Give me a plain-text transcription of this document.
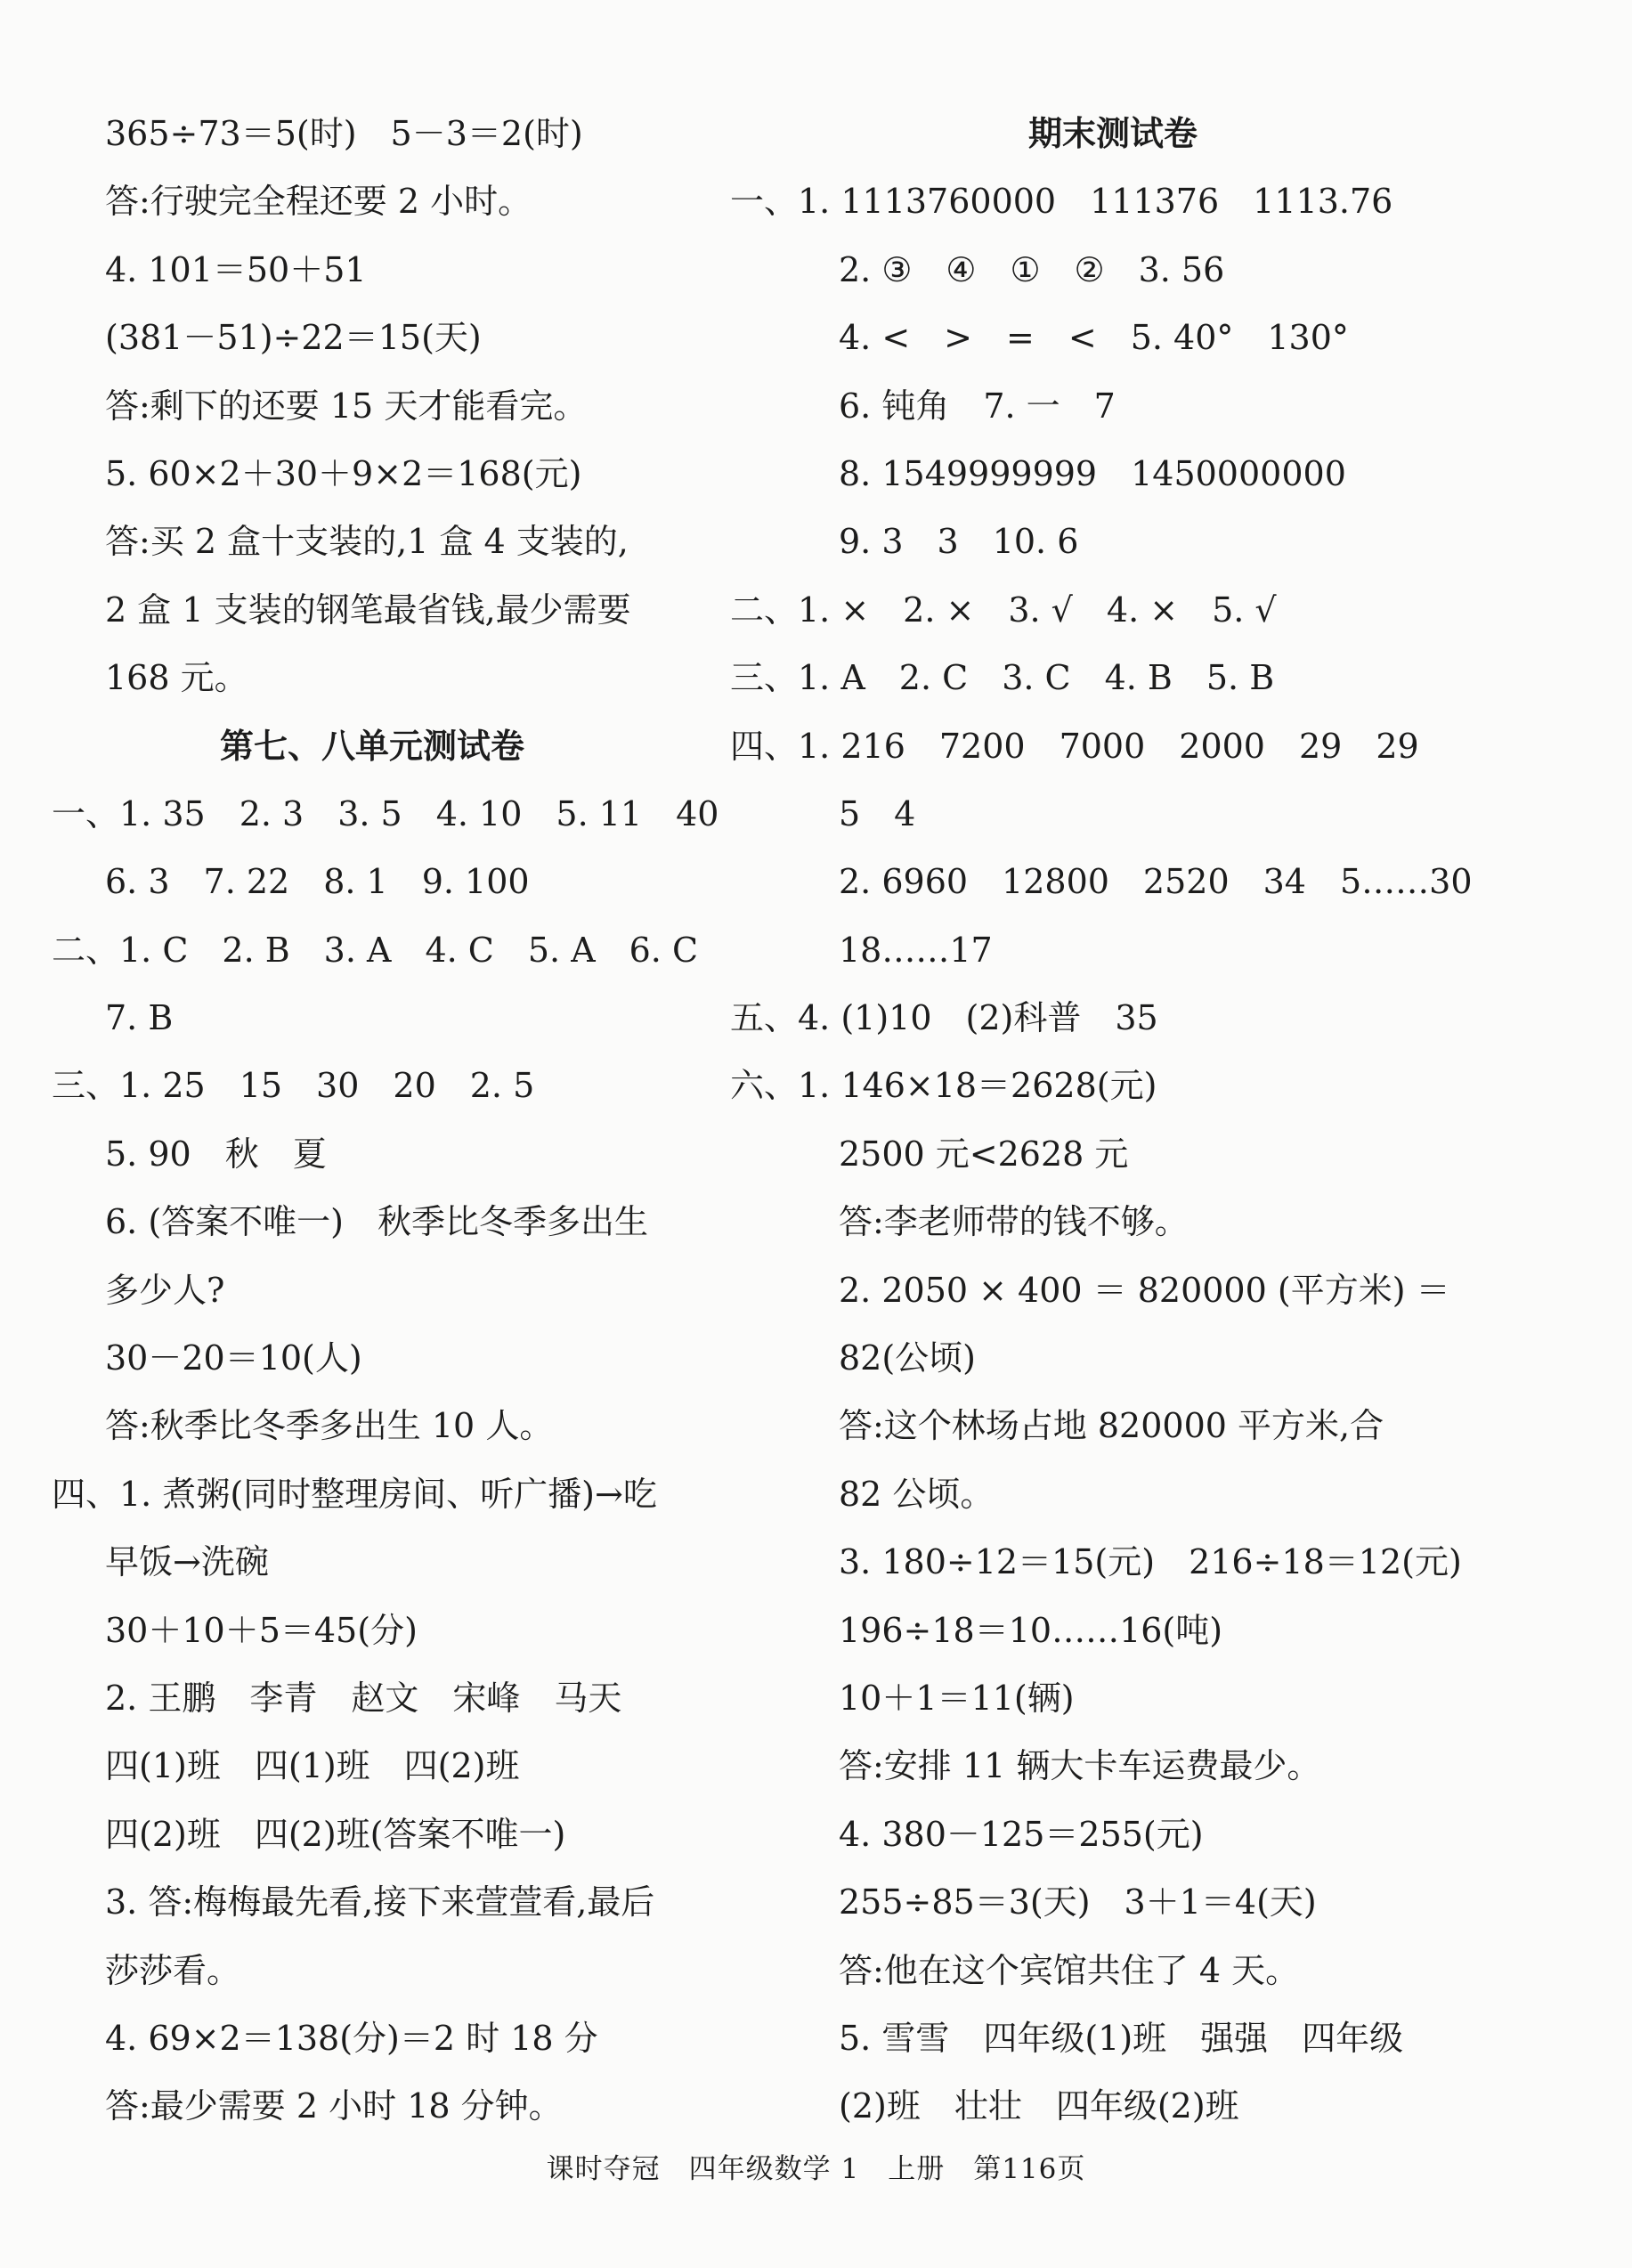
365÷73＝5(时)　5－3＝2(时)
答:行驶完全程还要 2 小时。
4. 101＝50＋51
(381－51)÷22＝15(天)
答:剩下的还要 15 天才能看完。
5. 60×2＋30＋9×2＝168(元)
答:买 2 盒十支装的,1 盒 4 支装的,
2 盒 1 支装的钢笔最省钱,最少需要
168 元。
第七、八单元测试卷
一、1. 35　2. 3　3. 5　4. 10　5. 11　40
6. 3　7. 22　8. 1　9. 100
二、1. C　2. B　3. A　4. C　5. A　6. C
7. B
三、1. 25　15　30　20　2. 5
5. 90　秋　夏
6. (答案不唯一)　秋季比冬季多出生
多少人?
30－20＝10(人)
答:秋季比冬季多出生 10 人。
四、1. 煮粥(同时整理房间、听广播)→吃
早饭→洗碗
30＋10＋5＝45(分)
2. 王鹏　李青　赵文　宋峰　马天
四(1)班　四(1)班　四(2)班
四(2)班　四(2)班(答案不唯一)
3. 答:梅梅最先看,接下来萱萱看,最后
莎莎看。
4. 69×2＝138(分)＝2 时 18 分
答:最少需要 2 小时 18 分钟。
期末测试卷
一、1. 1113760000　111376　1113.76
2. ③　④　①　②　3. 56
4. <　>　=　<　5. 40°　130°
6. 钝角　7. 一　7
8. 1549999999　1450000000
9. 3　3　10. 6
二、1. ×　2. ×　3. √　4. ×　5. √
三、1. A　2. C　3. C　4. B　5. B
四、1. 216　7200　7000　2000　29　29
5　4
2. 6960　12800　2520　34　5……30
18……17
五、4. (1)10　(2)科普　35
六、1. 146×18＝2628(元)
2500 元<2628 元
答:李老师带的钱不够。
2. 2050 × 400 ＝ 820000 (平方米) ＝
82(公顷)
答:这个林场占地 820000 平方米,合
82 公顷。
3. 180÷12＝15(元)　216÷18＝12(元)
196÷18＝10……16(吨)
10＋1＝11(辆)
答:安排 11 辆大卡车运费最少。
4. 380－125＝255(元)
255÷85＝3(天)　3＋1＝4(天)
答:他在这个宾馆共住了 4 天。
5. 雪雪　四年级(1)班　强强　四年级
(2)班　壮壮　四年级(2)班
课时夺冠　四年级数学 1　上册　第116页
